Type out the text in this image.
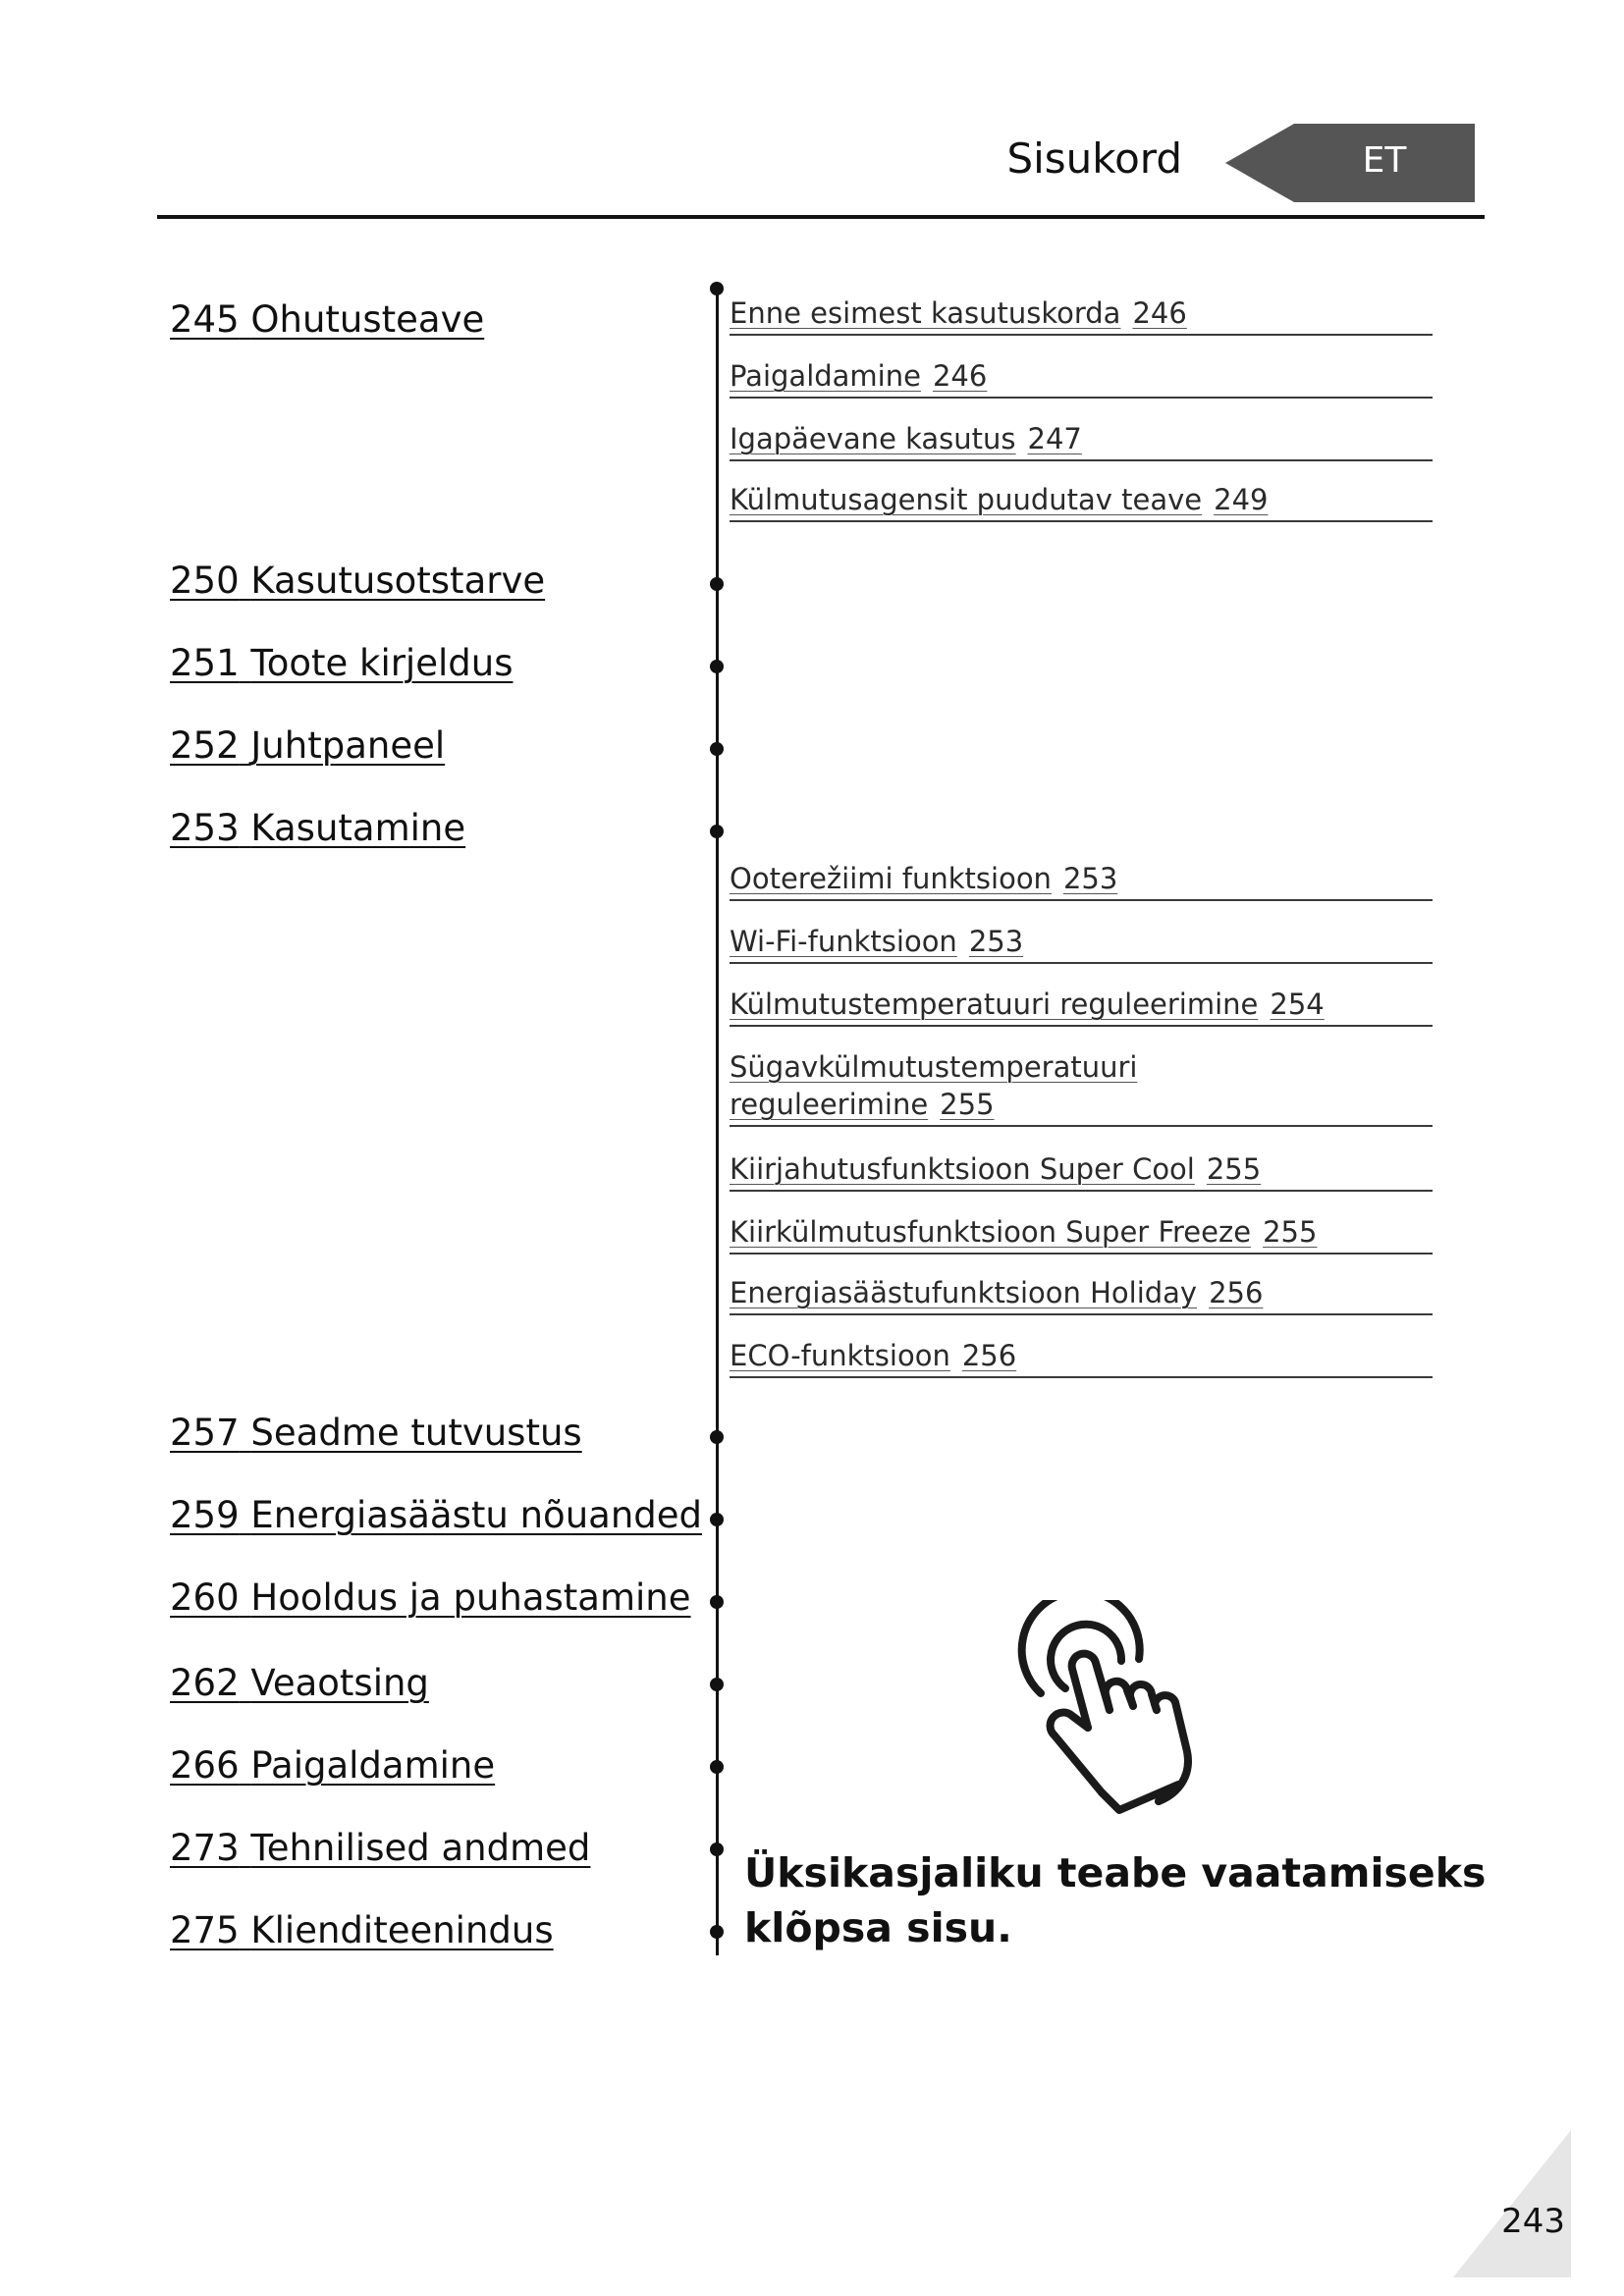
Sisukord	ET
245 Ohutusteave
250 Kasutusotstarve
251 Toote kirjeldus
252 Juhtpaneel
253 Kasutamine
257 Seadme tutvustus
259 Energiasäästu nõuanded
260 Hooldus ja puhastamine
262 Veaotsing
266 Paigaldamine
273 Tehnilised andmed
275 Klienditeenindus
Enne esimest kasutuskorda 246
Paigaldamine 246
Igapäevane kasutus 247
Külmutusagensit puudutav teave 249
Ooterežiimi funktsioon 253
Wi-Fi-funktsioon 253
Külmutustemperatuuri reguleerimine 254
Sügavkülmutustemperatuuri reguleerimine 255
Kiirjahutusfunktsioon Super Cool 255
Kiirkülmutusfunktsioon Super Freeze 255
Energiasäästufunktsioon Holiday 256
ECO-funktsioon 256
Üksikasjaliku teabe vaatamiseks
klõpsa sisu.
243
